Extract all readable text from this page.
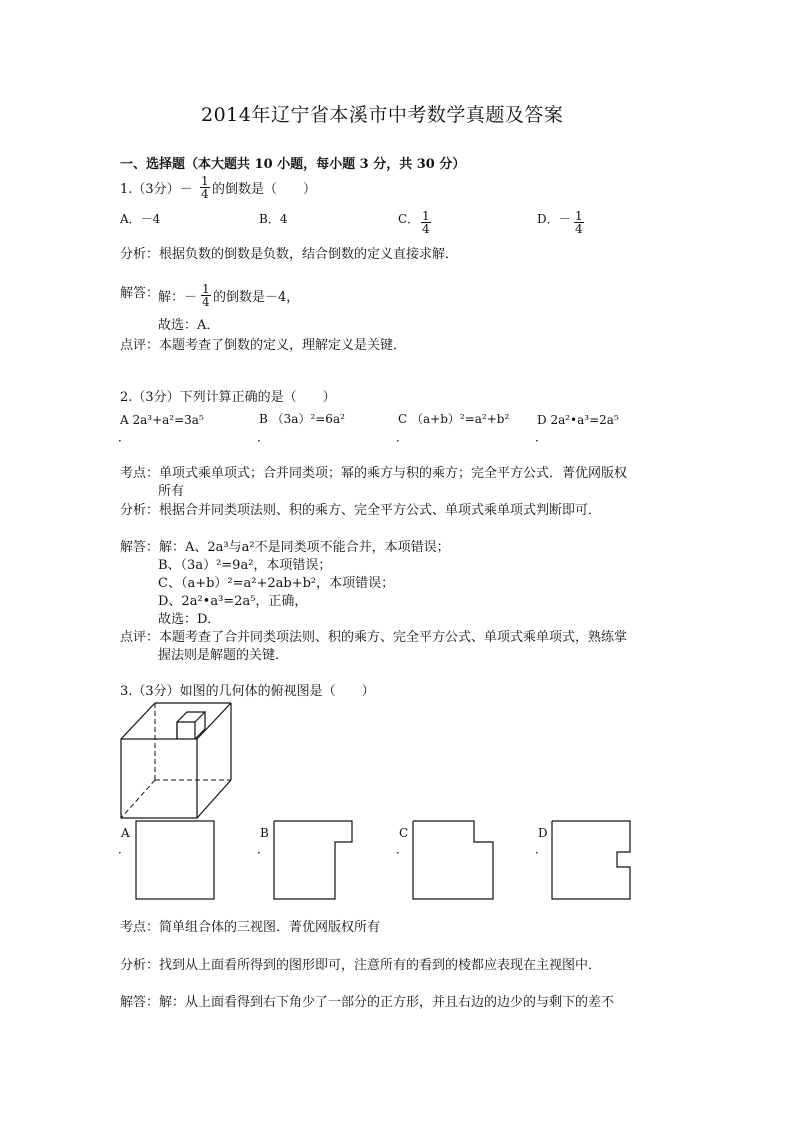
2014年辽宁省本溪市中考数学真题及答案
一、选择题（本大题共 10 小题，每小题 3 分，共 30 分）
1.（3分）－ $\frac{1}{4}$ 的倒数是（　　）
A．－4	B．4	C． $\frac{1}{4}$	D．－ $\frac{1}{4}$
分析：根据负数的倒数是负数，结合倒数的定义直接求解．
解答：
解：－ $\frac{1}{4}$ 的倒数是－4，
故选：A．
点评：本题考查了倒数的定义，理解定义是关键．
2.（3分）下列计算正确的是（　　）
A 2a³+a²=3a⁵
．
B （3a）²=6a²
．
C （a+b）²=a²+b²
．
D 2a²•a³=2a⁵
．
考点：单项式乘单项式；合并同类项；幂的乘方与积的乘方；完全平方公式．菁优网版权
所有
分析：根据合并同类项法则、积的乘方、完全平方公式、单项式乘单项式判断即可．
解答：解：A、2a³与a²不是同类项不能合并，本项错误；
B、（3a）²=9a²，本项错误；
C、（a+b）²=a²+2ab+b²，本项错误；
D、2a²•a³=2a⁵，正确，
故选：D．
点评：本题考查了合并同类项法则、积的乘方、完全平方公式、单项式乘单项式，熟练掌
握法则是解题的关键．
3.（3分）如图的几何体的俯视图是（　　）
A
．
B
．
C
．
D
．
考点：简单组合体的三视图．菁优网版权所有
分析：找到从上面看所得到的图形即可，注意所有的看到的棱都应表现在主视图中．
解答：解：从上面看得到右下角少了一部分的正方形，并且右边的边少的与剩下的差不
